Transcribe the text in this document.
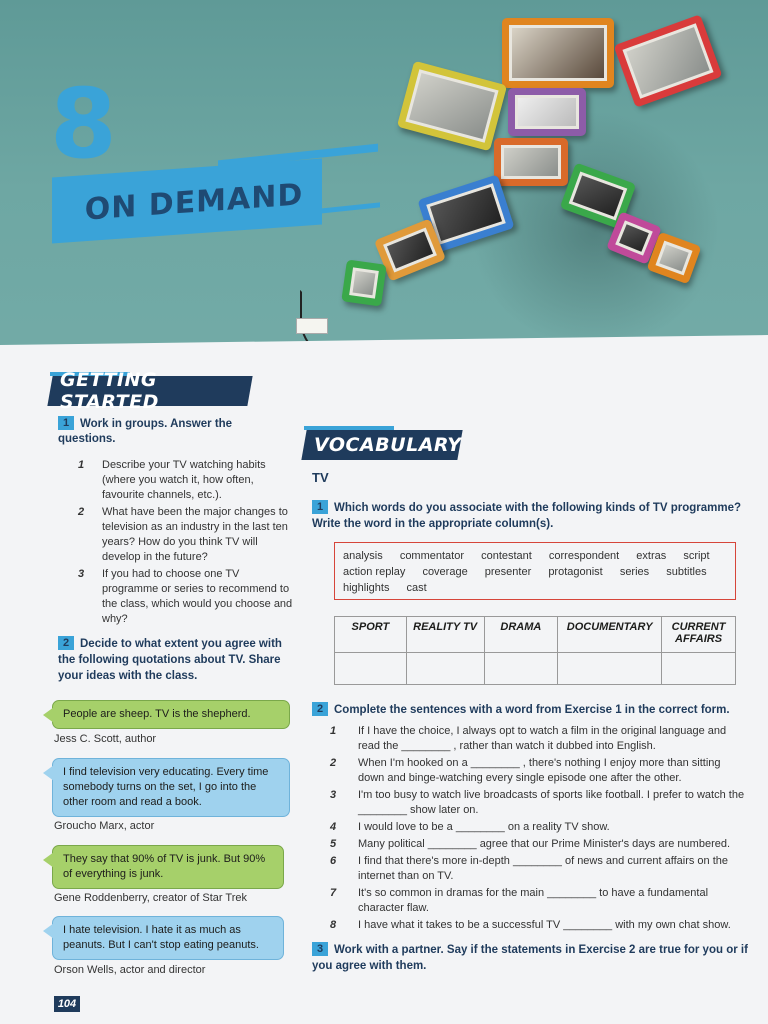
8
ON DEMAND
GETTING STARTED
1 Work in groups. Answer the questions.
1	Describe your TV watching habits (where you watch it, how often, favourite channels, etc.).
2	What have been the major changes to television as an industry in the last ten years? How do you think TV will develop in the future?
3	If you had to choose one TV programme or series to recommend to the class, which would you choose and why?
2 Decide to what extent you agree with the following quotations about TV. Share your ideas with the class.
People are sheep. TV is the shepherd.
Jess C. Scott, author
I find television very educating. Every time somebody turns on the set, I go into the other room and read a book.
Groucho Marx, actor
They say that 90% of TV is junk. But 90% of everything is junk.
Gene Roddenberry, creator of Star Trek
I hate television. I hate it as much as peanuts. But I can't stop eating peanuts.
Orson Wells, actor and director
104
VOCABULARY
TV
1 Which words do you associate with the following kinds of TV programme? Write the word in the appropriate column(s).
analysis commentator contestant correspondent extras script action replay coverage presenter protagonist series subtitles highlights cast
SPORT	REALITY TV	DRAMA	DOCUMENTARY	CURRENT AFFAIRS

2 Complete the sentences with a word from Exercise 1 in the correct form.
1	If I have the choice, I always opt to watch a film in the original language and read the ________ , rather than watch it dubbed into English.
2	When I'm hooked on a ________ , there's nothing I enjoy more than sitting down and binge-watching every single episode one after the other.
3	I'm too busy to watch live broadcasts of sports like football. I prefer to watch the ________ show later on.
4	I would love to be a ________ on a reality TV show.
5	Many political ________ agree that our Prime Minister's days are numbered.
6	I find that there's more in-depth ________ of news and current affairs on the internet than on TV.
7	It's so common in dramas for the main ________ to have a fundamental character flaw.
8	I have what it takes to be a successful TV ________ with my own chat show.
3 Work with a partner. Say if the statements in Exercise 2 are true for you or if you agree with them.
